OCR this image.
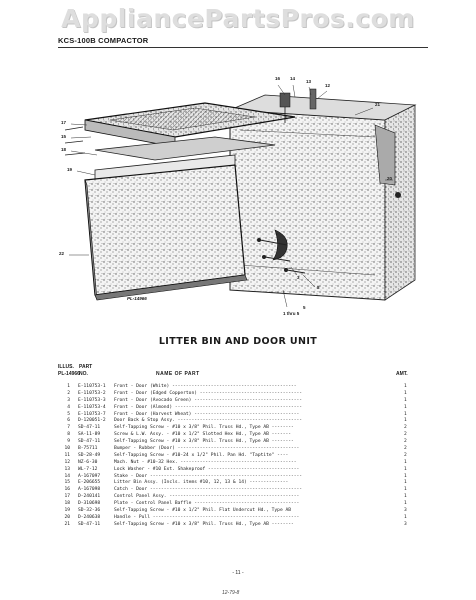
AppliancePartsPros.com
KCS-100B COMPACTOR
16 14
13
12
21
17
15
18
19
20
22
3
8
5
1 thru 5
PL-14966
LITTER BIN AND DOOR UNIT
ILLUS. PART
PL-14966 NO.	NAME OF PART	AMT.
1 E-110753-1 Front - Door (White) ---------------------------------------------	1
2 E-110753-2 Front - Door (Edged Copperton) -------------------------------------	1
3 E-110753-3 Front - Door (Avocado Green) ---------------------------------------	1
4 E-110753-4 Front - Door (Almond) ----------------------------------------------	1
5 E-110753-7 Front - Door (Harvest Wheat) --------------------------------------	1
6 D-120051-2 Door Back & Stop Assy. ---------------------------------------------	1
7 SD-47-11	Self-Tapping Screw - #10 x 3/8" Phil. Truss Hd., Type AB --------	2
8 SA-11-89	Screw & L.W. Assy. - #10 x 1/2" Slotted Hex Hd., Type AB -------	2
9 SD-47-11	Self-Tapping Screw - #10 x 3/8" Phil. Truss Hd., Type AB --------	2
10 B-75711	Bumper - Rubber (Door) --------------------------------------------	2
11 SD-28-49	Self-Tapping Screw - #10-24 x 1/2" Phil. Pan Hd. "Taptite" ----	2
12 NZ-6-30	Mach. Nut - #10-32 Hex. ------------------------------------------	1
13 WL-7-12	Lock Washer - #10 Ext. Shakeproof ---------------------------------	1
14 A-167097	Stake - Door -------------------------------------------------------	1
15 E-206655	Litter Bin Assy. (Incls. items #10, 12, 13 & 14) --------------	1
16 A-167098	Catch - Door -------------------------------------------------------	1
17 D-240141	Control Panel Assy. -----------------------------------------------	1
18 D-310698	Plate - Control Panel Baffle --------------------------------------	1
19 SD-32-36	Self-Tapping Screw - #10 x 1/2" Phil. Flat Undercut Hd., Type AB	3
20 D-240638	Handle - Pull -----------------------------------------------------	1
21 SD-47-11	Self-Tapping Screw - #10 x 3/8" Phil. Truss Hd., Type AB --------	3
- 11 -
12-79-8
